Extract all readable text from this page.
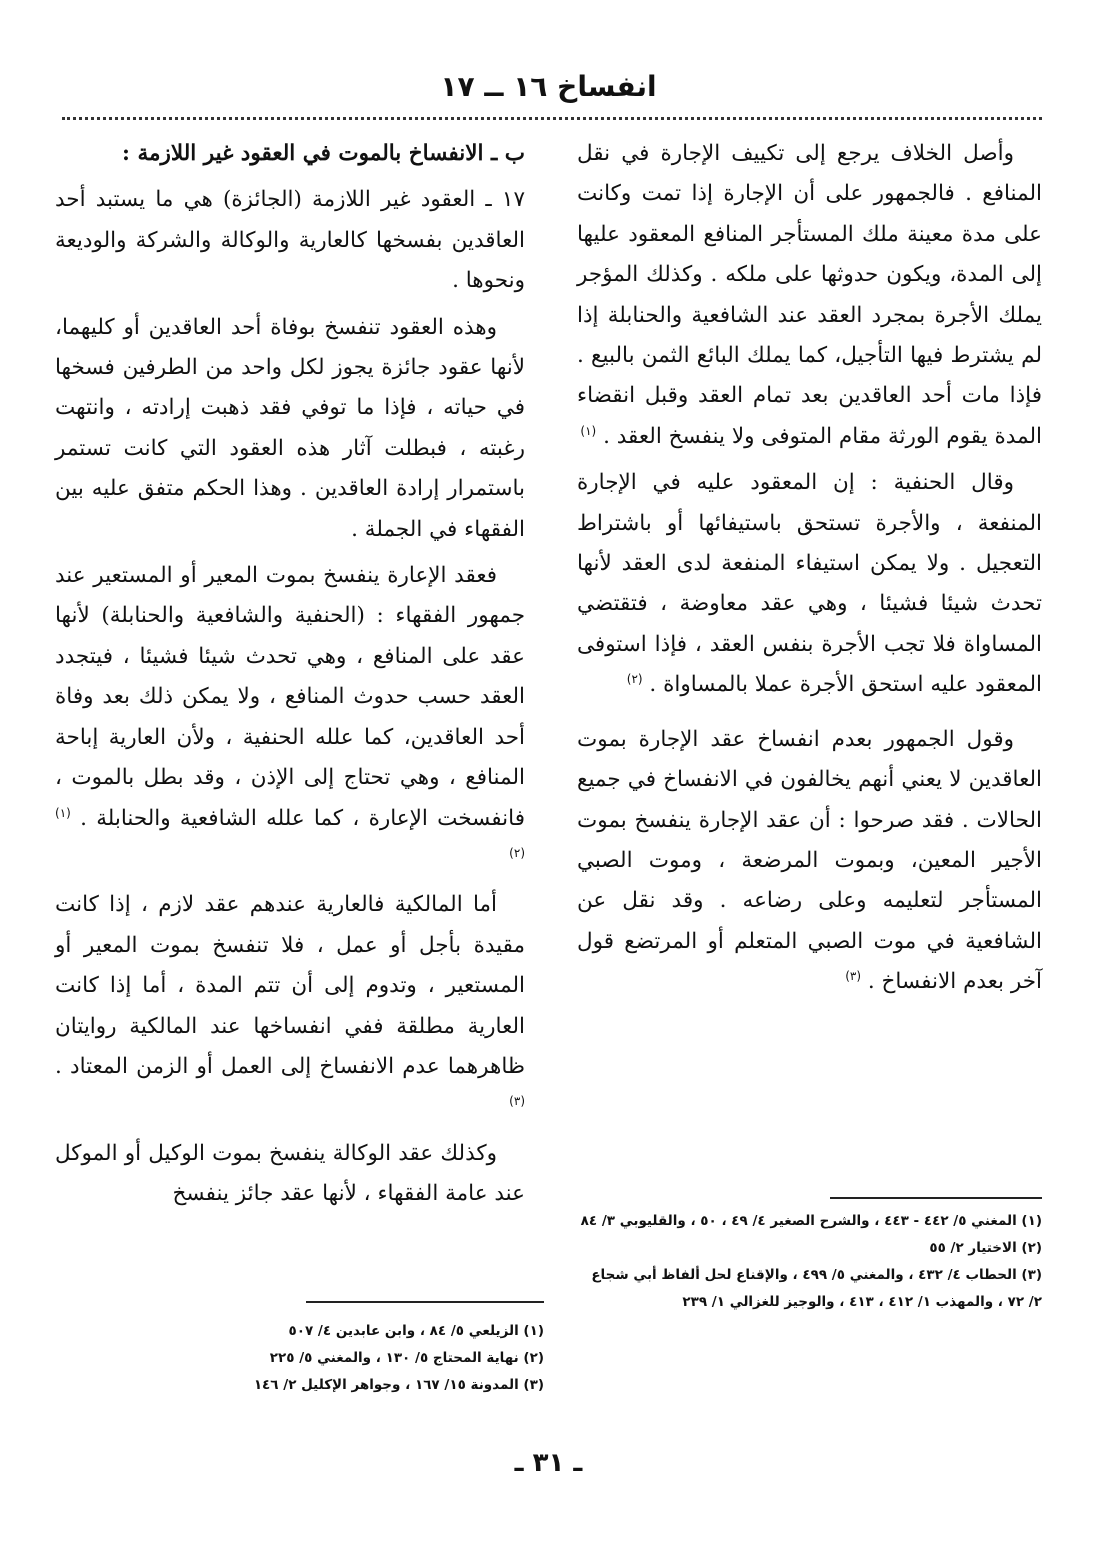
انفساخ ١٦ ــ ١٧

وأصل الخلاف يرجع إلى تكييف الإجارة في نقل المنافع . فالجمهور على أن الإجارة إذا تمت وكانت على مدة معينة ملك المستأجر المنافع المعقود عليها إلى المدة، ويكون حدوثها على ملكه . وكذلك المؤجر يملك الأجرة بمجرد العقد عند الشافعية والحنابلة إذا لم يشترط فيها التأجيل، كما يملك البائع الثمن بالبيع . فإذا مات أحد العاقدين بعد تمام العقد وقبل انقضاء المدة يقوم الورثة مقام المتوفى ولا ينفسخ العقد . $^{(١)}$

وقال الحنفية : إن المعقود عليه في الإجارة المنفعة ، والأجرة تستحق باستيفائها أو باشتراط التعجيل . ولا يمكن استيفاء المنفعة لدى العقد لأنها تحدث شيئا فشيئا ، وهي عقد معاوضة ، فتقتضي المساواة فلا تجب الأجرة بنفس العقد ، فإذا استوفى المعقود عليه استحق الأجرة عملا بالمساواة . $^{(٢)}$

وقول الجمهور بعدم انفساخ عقد الإجارة بموت العاقدين لا يعني أنهم يخالفون في الانفساخ في جميع الحالات . فقد صرحوا : أن عقد الإجارة ينفسخ بموت الأجير المعين، وبموت المرضعة ، وموت الصبي المستأجر لتعليمه وعلى رضاعه . وقد نقل عن الشافعية في موت الصبي المتعلم أو المرتضع قول آخر بعدم الانفساخ . $^{(٣)}$

ب ـ الانفساخ بالموت في العقود غير اللازمة :

١٧ ـ العقود غير اللازمة (الجائزة) هي ما يستبد أحد العاقدين بفسخها كالعارية والوكالة والشركة والوديعة ونحوها .

وهذه العقود تنفسخ بوفاة أحد العاقدين أو كليهما، لأنها عقود جائزة يجوز لكل واحد من الطرفين فسخها في حياته ، فإذا ما توفي فقد ذهبت إرادته ، وانتهت رغبته ، فبطلت آثار هذه العقود التي كانت تستمر باستمرار إرادة العاقدين . وهذا الحكم متفق عليه بين الفقهاء في الجملة .

فعقد الإعارة ينفسخ بموت المعير أو المستعير عند جمهور الفقهاء : (الحنفية والشافعية والحنابلة) لأنها عقد على المنافع ، وهي تحدث شيئا فشيئا ، فيتجدد العقد حسب حدوث المنافع ، ولا يمكن ذلك بعد وفاة أحد العاقدين، كما علله الحنفية ، ولأن العارية إباحة المنافع ، وهي تحتاج إلى الإذن ، وقد بطل بالموت ، فانفسخت الإعارة ، كما علله الشافعية والحنابلة . $^{(١)}$ $^{(٢)}$

أما المالكية فالعارية عندهم عقد لازم ، إذا كانت مقيدة بأجل أو عمل ، فلا تنفسخ بموت المعير أو المستعير ، وتدوم إلى أن تتم المدة ، أما إذا كانت العارية مطلقة ففي انفساخها عند المالكية روايتان ظاهرهما عدم الانفساخ إلى العمل أو الزمن المعتاد . $^{(٣)}$

وكذلك عقد الوكالة ينفسخ بموت الوكيل أو الموكل عند عامة الفقهاء ، لأنها عقد جائز ينفسخ

(١) المغني ٥/ ٤٤٢ - ٤٤٣ ، والشرح الصغير ٤/ ٤٩ ، ٥٠ ، والقليوبي ٣/ ٨٤
(٢) الاختيار ٢/ ٥٥
(٣) الحطاب ٤/ ٤٣٢ ، والمغني ٥/ ٤٩٩ ، والإقناع لحل ألفاظ أبي شجاع ٢/ ٧٢ ، والمهذب ١/ ٤١٢ ، ٤١٣ ، والوجيز للغزالي ١/ ٢٣٩
(١) الزيلعي ٥/ ٨٤ ، وابن عابدين ٤/ ٥٠٧
(٢) نهاية المحتاج ٥/ ١٣٠ ، والمغني ٥/ ٢٢٥
(٣) المدونة ١٥/ ١٦٧ ، وجواهر الإكليل ٢/ ١٤٦
ـ ٣١ ـ
